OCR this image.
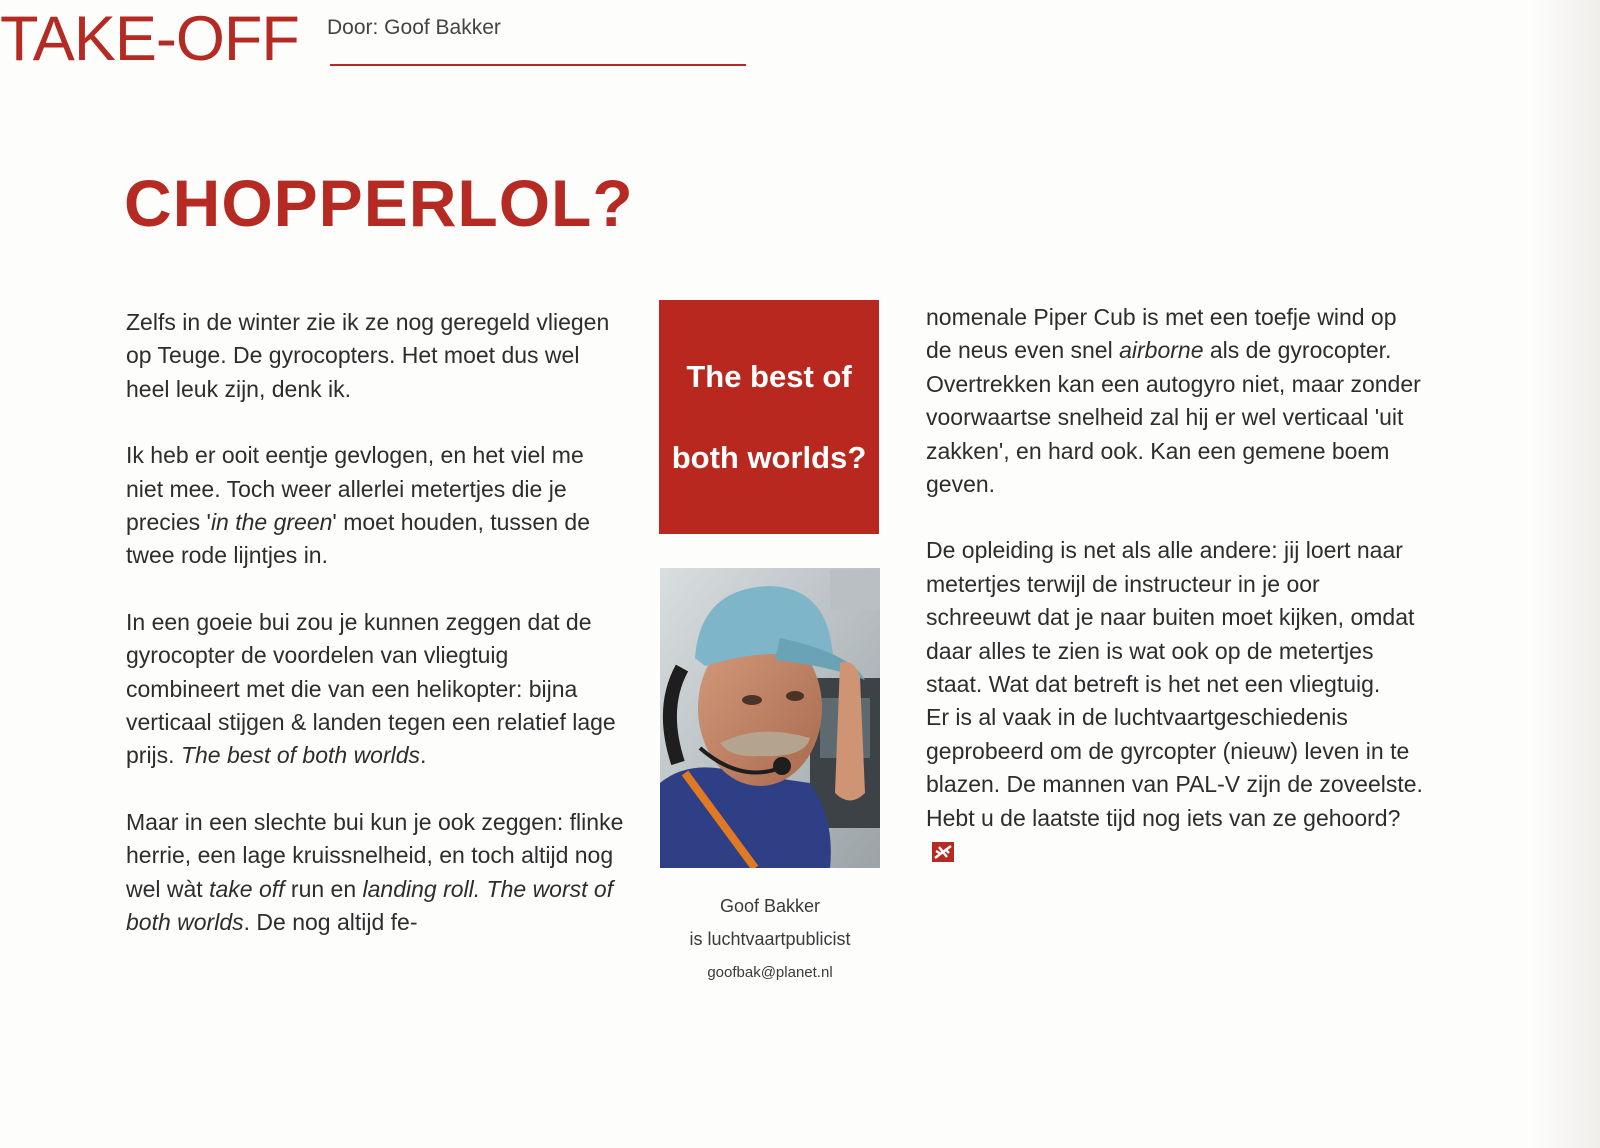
TAKE-OFF Door: Goof Bakker
CHOPPERLOL?

Zelfs in de winter zie ik ze nog geregeld vliegen op Teuge. De gyrocopters. Het moet dus wel heel leuk zijn, denk ik.

Ik heb er ooit eentje gevlogen, en het viel me niet mee. Toch weer allerlei metertjes die je precies 'in the green' moet houden, tussen de twee rode lijntjes in.

In een goeie bui zou je kunnen zeggen dat de gyrocopter de voordelen van vliegtuig combineert met die van een helikopter: bijna verticaal stijgen & landen tegen een relatief lage prijs. The best of both worlds.

Maar in een slechte bui kun je ook zeggen: flinke herrie, een lage kruissnelheid, en toch altijd nog wel wàt take off run en landing roll. The worst of both worlds. De nog altijd fe-

The best of
both worlds?
Goof Bakker
is luchtvaartpublicist
goofbak@planet.nl

nomenale Piper Cub is met een toefje wind op de neus even snel airborne als de gyrocopter.

Overtrekken kan een autogyro niet, maar zonder voorwaartse snelheid zal hij er wel verticaal 'uit zakken', en hard ook. Kan een gemene boem geven.

De opleiding is net als alle andere: jij loert naar metertjes terwijl de instructeur in je oor schreeuwt dat je naar buiten moet kijken, omdat daar alles te zien is wat ook op de metertjes staat. Wat dat betreft is het net een vliegtuig.

Er is al vaak in de luchtvaartgeschiedenis geprobeerd om de gyrcopter (nieuw) leven in te blazen. De mannen van PAL-V zijn de zoveelste. Hebt u de laatste tijd nog iets van ze gehoord?
